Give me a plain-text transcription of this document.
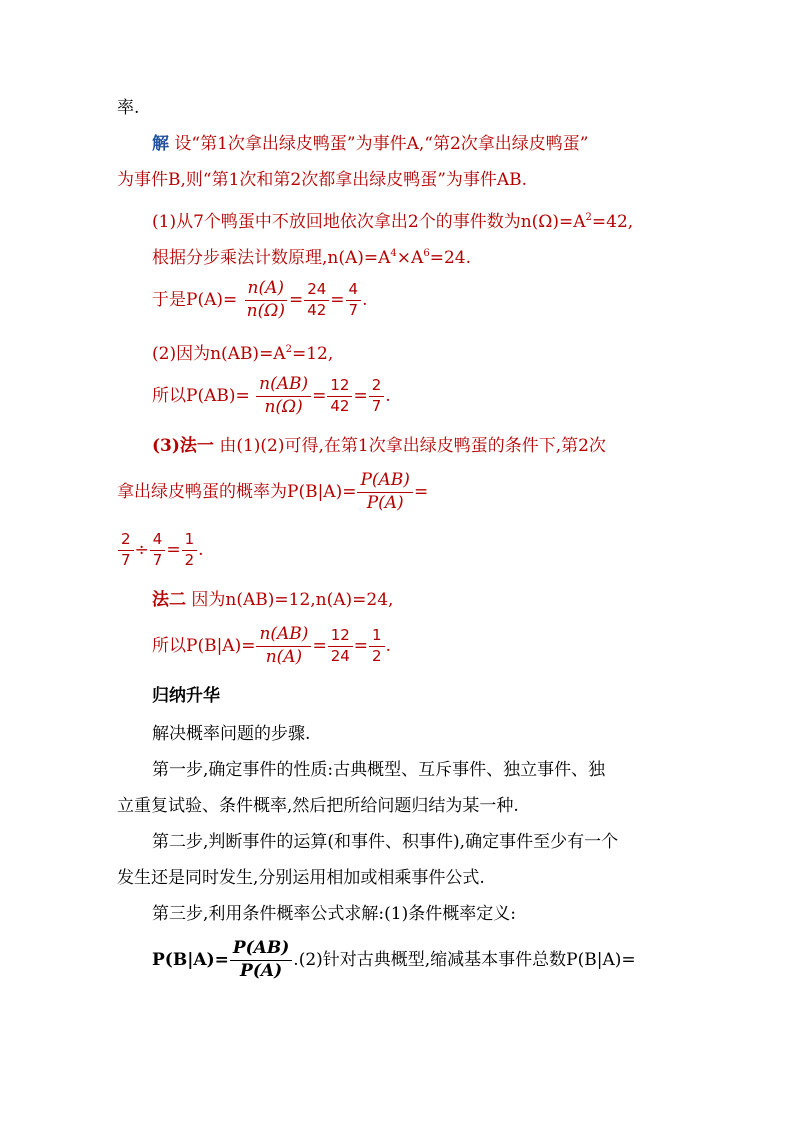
率.
解 设“第1次拿出绿皮鸭蛋”为事件A,“第2次拿出绿皮鸭蛋”
为事件B,则“第1次和第2次都拿出绿皮鸭蛋”为事件AB.
(1)从7个鸭蛋中不放回地依次拿出2个的事件数为$n(\Omega)=A^2=42$,
根据分步乘法计数原理$,n(A)=A^4\times A^6=24$.
于是$P(A)= \frac{n(A)}{n(\Omega)} = \frac{24}{42} = \frac{4}{7}$ .
(2)因为$n(AB)=A^2=12$,
所以$P(AB)= \frac{n(AB)}{n(\Omega)} = \frac{12}{42} = \frac{2}{7}$ .
(3)法一 由(1)(2)可得,在第1次拿出绿皮鸭蛋的条件下,第2次
拿出绿皮鸭蛋的概率为$P(B|A)= \frac{P(AB)}{P(A)}$ =
$\frac{2}{7} \div \frac{4}{7} = \frac{1}{2}$ .
法二 因为n(AB)=12,n(A)=24,
所以$P(B|A)= \frac{n(AB)}{n(A)} = \frac{12}{24} = \frac{1}{2}$ .
归纳升华
解决概率问题的步骤.
第一步,确定事件的性质:古典概型、互斥事件、独立事件、独
立重复试验、条件概率,然后把所给问题归结为某一种.
第二步,判断事件的运算(和事件、积事件),确定事件至少有一个
发生还是同时发生,分别运用相加或相乘事件公式.
第三步,利用条件概率公式求解:(1)条件概率定义:
$P(B|A)= \frac{P(AB)}{P(A)} .(2)$针对古典概型,缩减基本事件总数P(B|A)=
